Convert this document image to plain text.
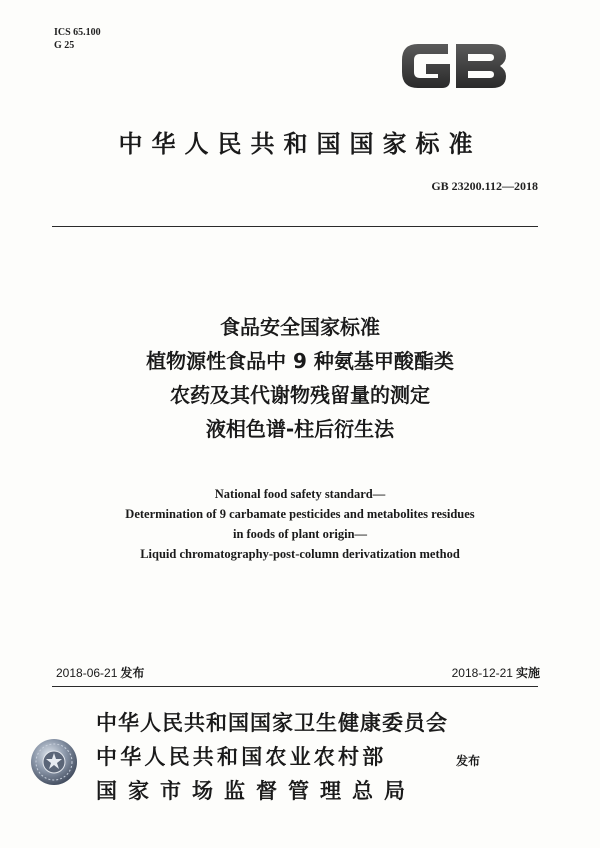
ICS 65.100
G 25
中华人民共和国国家标准
GB 23200.112—2018
食品安全国家标准
植物源性食品中 9 种氨基甲酸酯类
农药及其代谢物残留量的测定
液相色谱-柱后衍生法
National food safety standard—
Determination of 9 carbamate pesticides and metabolites residues
in foods of plant origin—
Liquid chromatography-post-column derivatization method
2018-06-21 发布	2018-12-21 实施
中华人民共和国国家卫生健康委员会
中华人民共和国农业农村部
国家市场监督管理总局
发布
